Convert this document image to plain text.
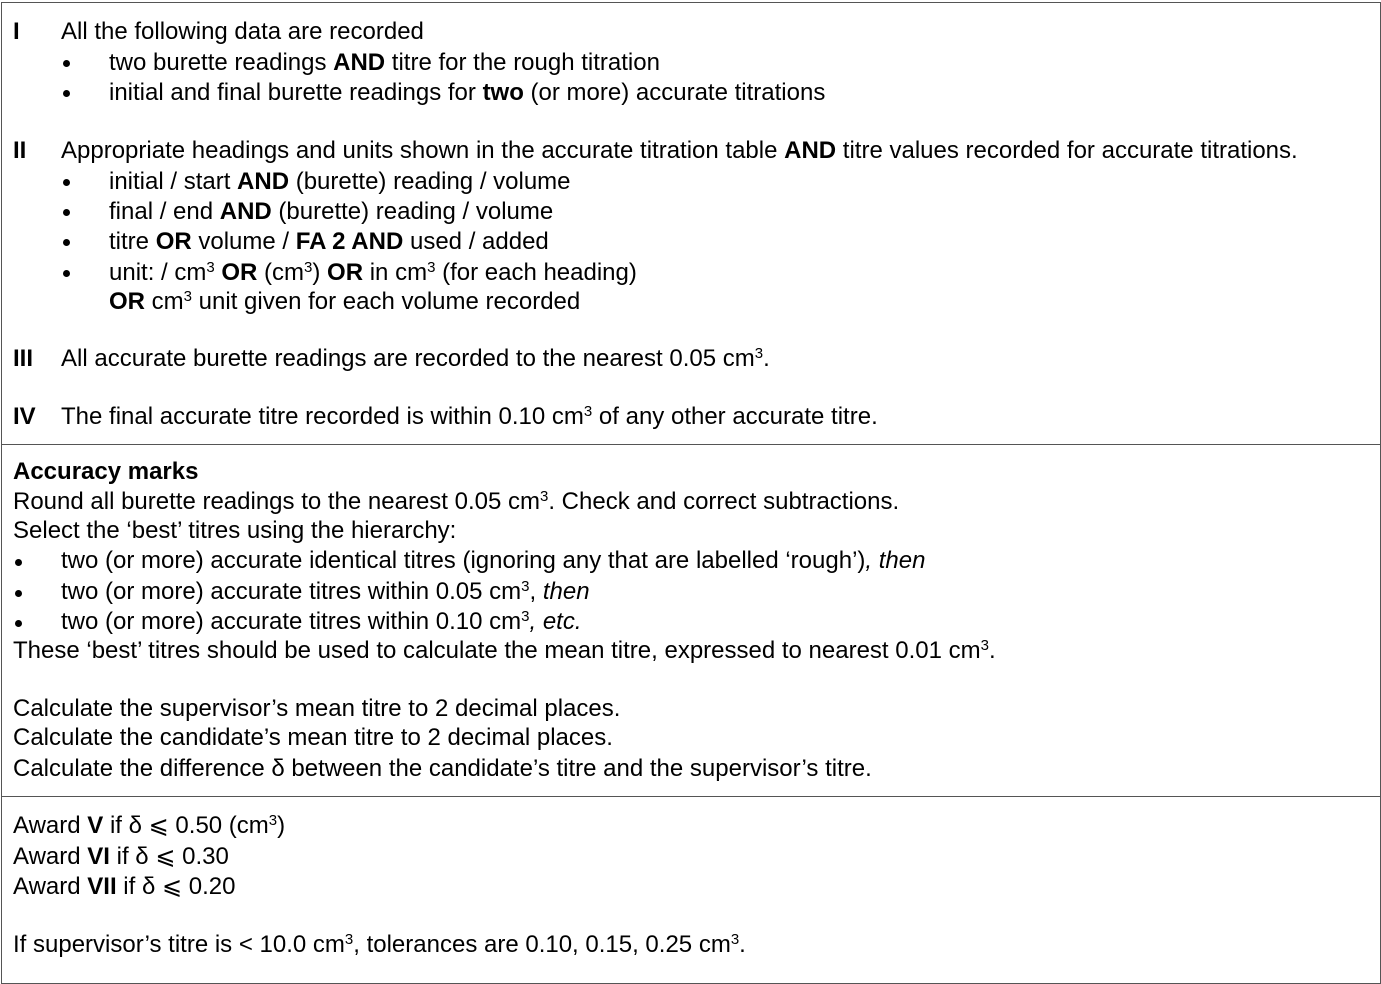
I All the following data are recorded
two burette readings AND titre for the rough titration
initial and final burette readings for two (or more) accurate titrations
II Appropriate headings and units shown in the accurate titration table AND titre values recorded for accurate titrations.
initial / start AND (burette) reading / volume
final / end AND (burette) reading / volume
titre OR volume / FA 2 AND used / added
unit: / $cm^3$ OR $(cm^3)$ OR in $cm^3$ (for each heading)
OR $cm^3$ unit given for each volume recorded
III All accurate burette readings are recorded to the nearest 0.05 $cm^3$.
IV The final accurate titre recorded is within 0.10 $cm^3$ of any other accurate titre.
Accuracy marks
Round all burette readings to the nearest 0.05 $cm^3$. Check and correct subtractions.
Select the ‘best’ titres using the hierarchy:
two (or more) accurate identical titres (ignoring any that are labelled ‘rough’), then
two (or more) accurate titres within 0.05 $cm^3$, then
two (or more) accurate titres within 0.10 $cm^3$, etc.
These ‘best’ titres should be used to calculate the mean titre, expressed to nearest 0.01 $cm^3$.
Calculate the supervisor’s mean titre to 2 decimal places.
Calculate the candidate’s mean titre to 2 decimal places.
Calculate the difference δ between the candidate’s titre and the supervisor’s titre.
Award V if δ ⩽ 0.50 $(cm^3)$
Award VI if δ ⩽ 0.30
Award VII if δ ⩽ 0.20
If supervisor’s titre is < 10.0 $cm^3$, tolerances are 0.10, 0.15, 0.25 $cm^3$.
